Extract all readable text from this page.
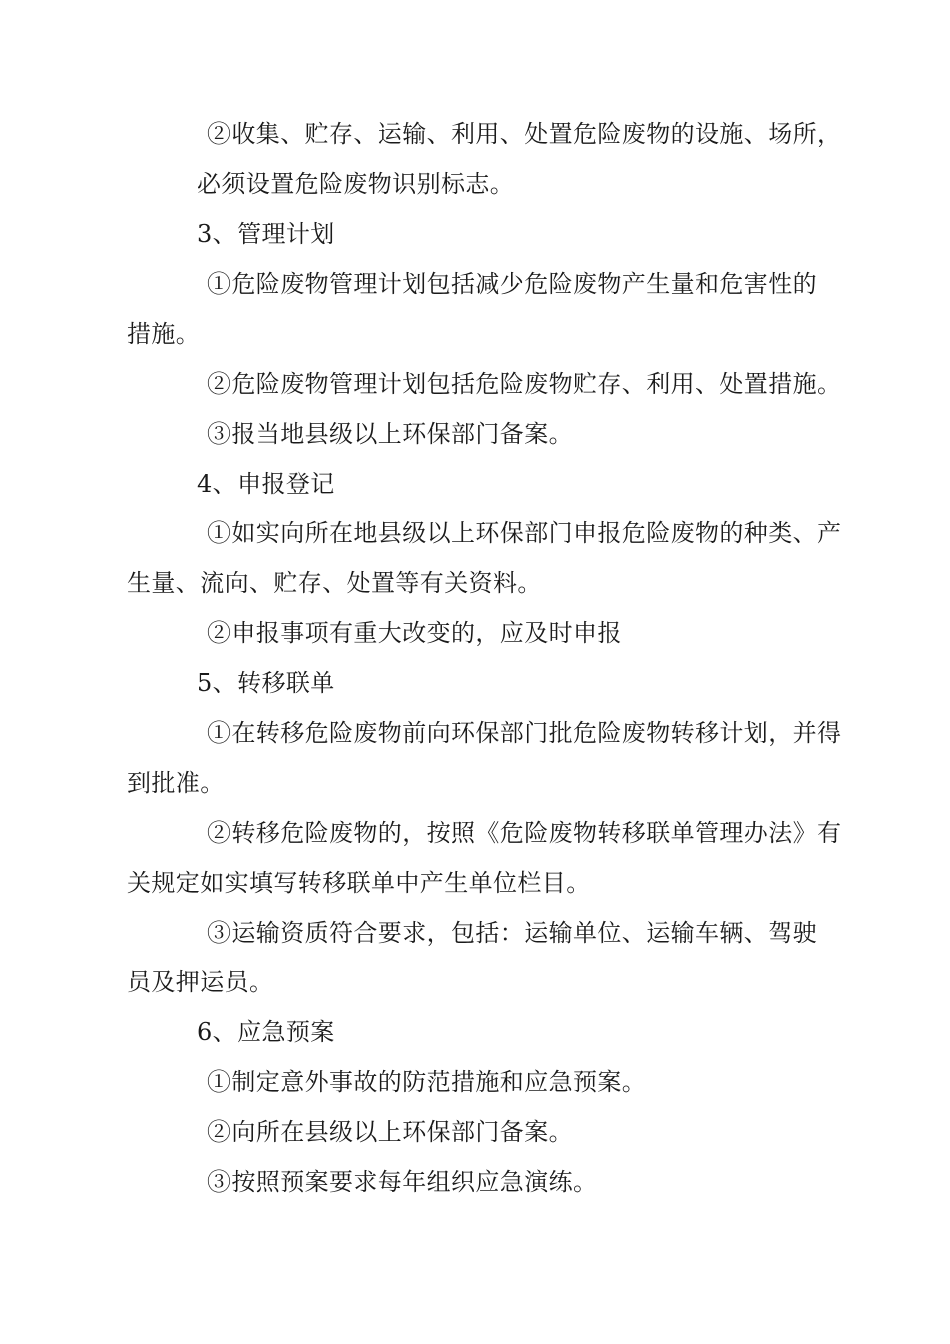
②收集、贮存、运输、利用、处置危险废物的设施、场所，
必须设置危险废物识别标志。
3、管理计划
①危险废物管理计划包括减少危险废物产生量和危害性的
措施。
②危险废物管理计划包括危险废物贮存、利用、处置措施。
③报当地县级以上环保部门备案。
4、申报登记
①如实向所在地县级以上环保部门申报危险废物的种类、产
生量、流向、贮存、处置等有关资料。
②申报事项有重大改变的，应及时申报
5、转移联单
①在转移危险废物前向环保部门批危险废物转移计划，并得
到批准。
②转移危险废物的，按照《危险废物转移联单管理办法》有
关规定如实填写转移联单中产生单位栏目。
③运输资质符合要求，包括：运输单位、运输车辆、驾驶
员及押运员。
6、应急预案
①制定意外事故的防范措施和应急预案。
②向所在县级以上环保部门备案。
③按照预案要求每年组织应急演练。
